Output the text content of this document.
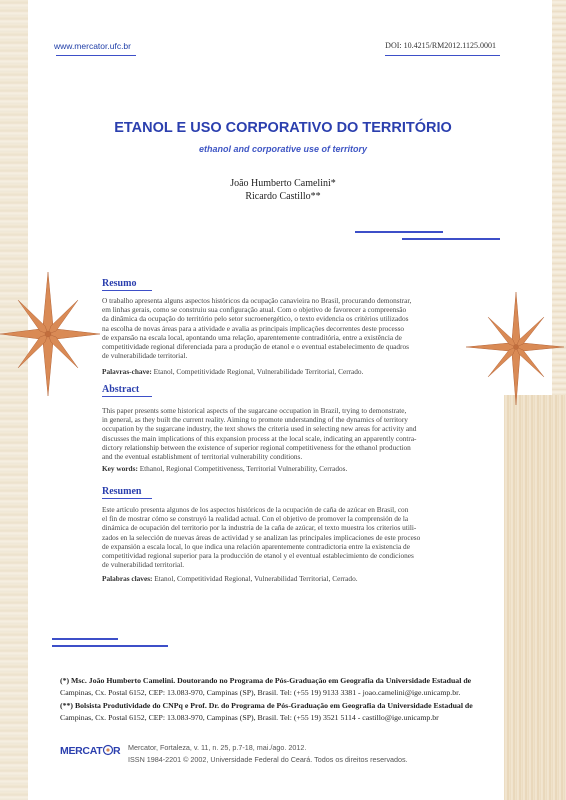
www.mercator.ufc.br	DOI: 10.4215/RM2012.1125.0001
ETANOL E USO CORPORATIVO DO TERRITÓRIO
ethanol and corporative use of territory
João Humberto Camelini*
Ricardo Castillo**
Resumo
O trabalho apresenta alguns aspectos históricos da ocupação canavieira no Brasil, procurando demonstrar,
em linhas gerais, como se construiu sua configuração atual. Com o objetivo de favorecer a compreensão
da dinâmica da ocupação do território pelo setor sucroenergético, o texto evidencia os critérios utilizados
na escolha de novas áreas para a atividade e avalia as principais implicações decorrentes deste processo
de expansão na escala local, apontando uma relação, aparentemente contraditória, entre a existência de
competitividade regional diferenciada para a produção de etanol e o eventual estabelecimento de quadros
de vulnerabilidade territorial.
Palavras-chave: Etanol, Competitividade Regional, Vulnerabilidade Territorial, Cerrado.
Abstract
This paper presents some historical aspects of the sugarcane occupation in Brazil, trying to demonstrate,
in general, as they built the current reality. Aiming to promote understanding of the dynamics of territory
occupation by the sugarcane industry, the text shows the criteria used in selecting new areas for activity and
discusses the main implications of this expansion process at the local scale, indicating an apparently contra-
dictory relationship between the existence of superior regional competitiveness for the ethanol production
and the eventual establishment of territorial vulnerability conditions.
Key words: Ethanol, Regional Competitiveness, Territorial Vulnerability, Cerrados.
Resumen
Este artículo presenta algunos de los aspectos históricos de la ocupación de caña de azúcar en Brasil, con
el fin de mostrar cómo se construyó la realidad actual. Con el objetivo de promover la comprensión de la
dinámica de ocupación del territorio por la industria de la caña de azúcar, el texto muestra los criterios utili-
zados en la selección de nuevas áreas de actividad y se analizan las principales implicaciones de este proceso
de expansión a escala local, lo que indica una relación aparentemente contradictoria entre la existencia de
competitividad regional superior para la producción de etanol y el eventual establecimiento de condiciones
de vulnerabilidad territorial.
Palabras claves: Etanol, Competitividad Regional, Vulnerabilidad Territorial, Cerrado.
(*) Msc. João Humberto Camelini. Doutorando no Programa de Pós-Graduação em Geografia da Universidade Estadual de
Campinas, Cx. Postal 6152, CEP: 13.083-970, Campinas (SP), Brasil. Tel: (+55 19) 9133 3381 - joao.camelini@ige.unicamp.br.
(**) Bolsista Produtividade do CNPq e Prof. Dr. do Programa de Pós-Graduação em Geografia da Universidade Estadual de
Campinas, Cx. Postal 6152, CEP: 13.083-970, Campinas (SP), Brasil. Tel: (+55 19) 3521 5114 - castillo@ige.unicamp.br
MERCAT R Mercator, Fortaleza, v. 11, n. 25, p.7-18, mai./ago. 2012.
ISSN 1984-2201 © 2002, Universidade Federal do Ceará. Todos os direitos reservados.
